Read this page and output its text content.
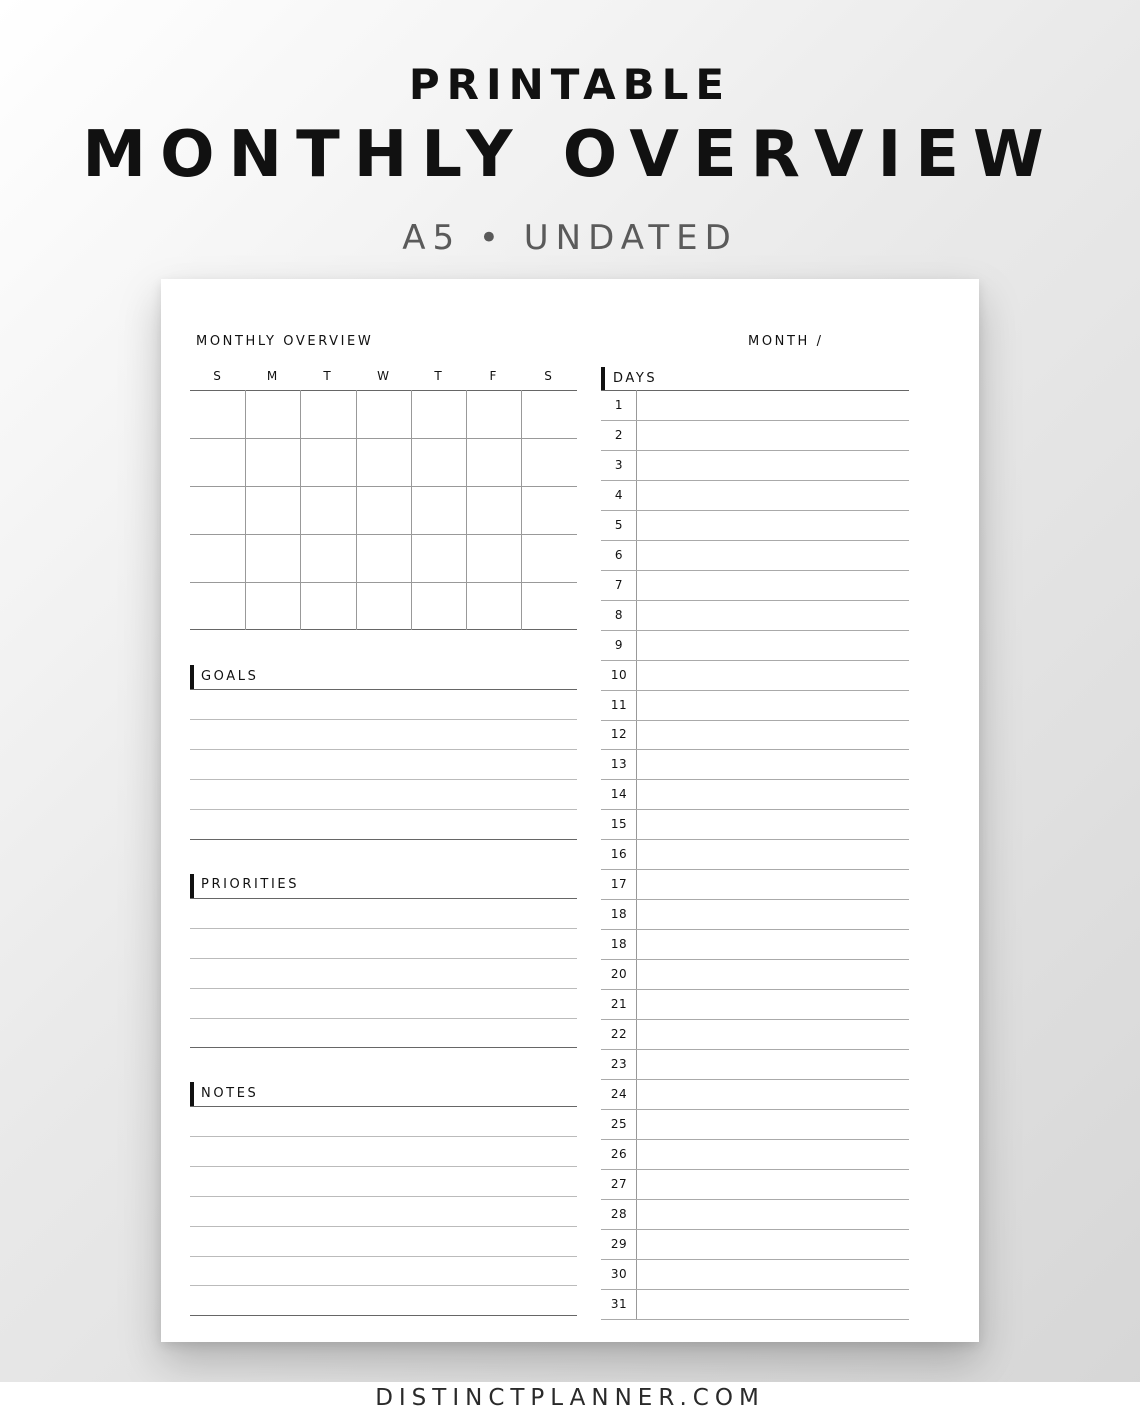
PRINTABLE
MONTHLY OVERVIEW
A5 • UNDATED
MONTHLY OVERVIEW	MONTH /
S	M	T	W	T	F	S
GOALS
PRIORITIES
NOTES
DAYS
1
2
3
4
5
6
7
8
9
10
11
12
13
14
15
16
17
18
18
20
21
22
23
24
25
26
27
28
29
30
31
DISTINCTPLANNER.COM
